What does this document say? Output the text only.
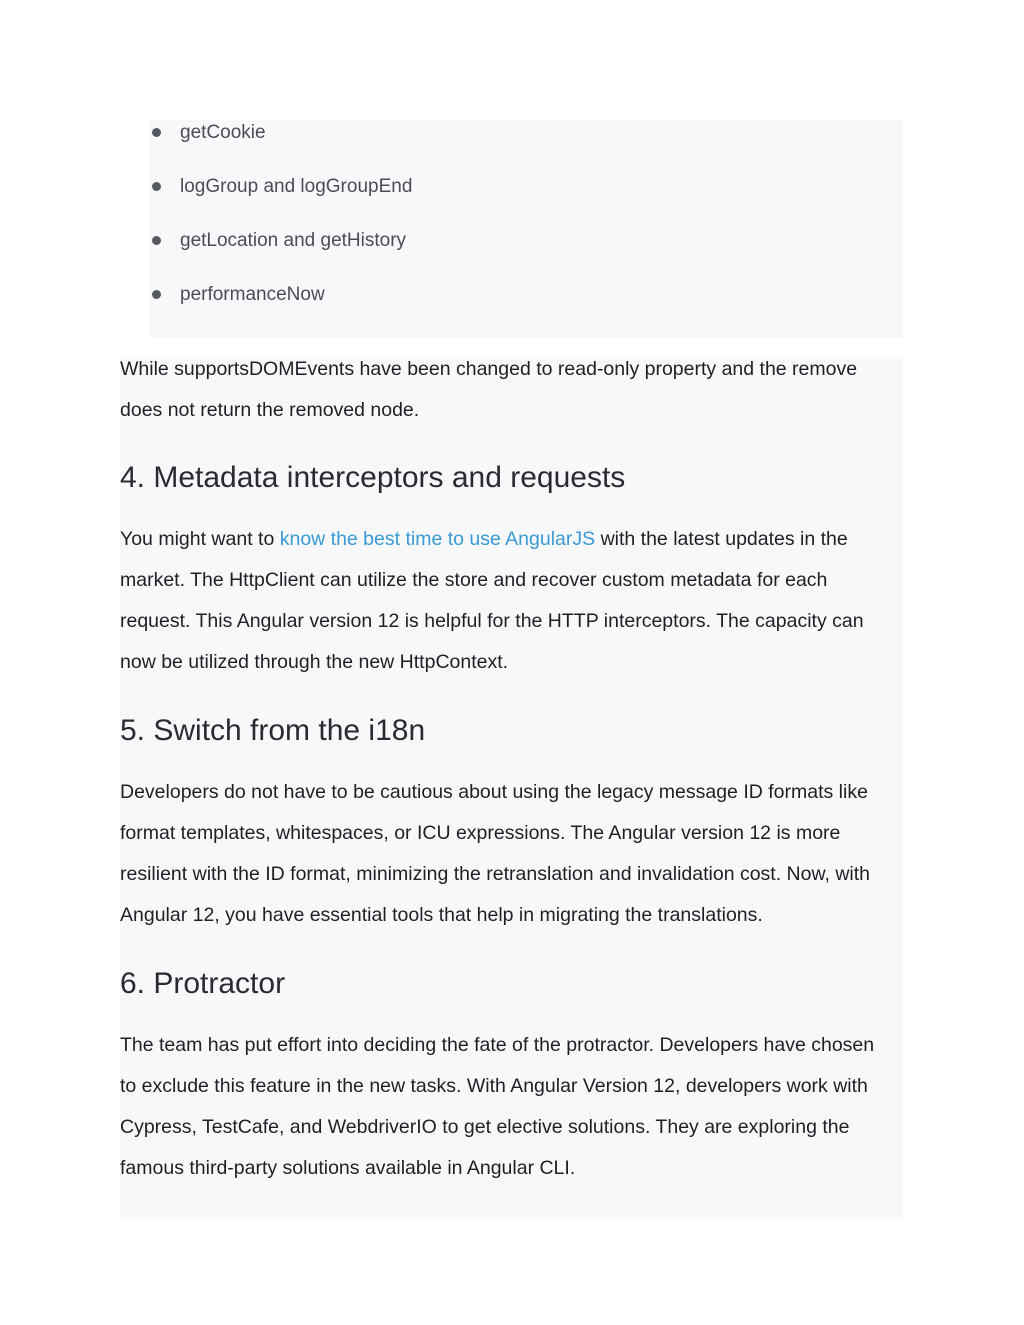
getCookie
logGroup and logGroupEnd
getLocation and getHistory
performanceNow

While supportsDOMEvents have been changed to read-only property and the remove
does not return the removed node.

4. Metadata interceptors and requests

You might want to know the best time to use AngularJS with the latest updates in the
market. The HttpClient can utilize the store and recover custom metadata for each
request. This Angular version 12 is helpful for the HTTP interceptors. The capacity can
now be utilized through the new HttpContext.

5. Switch from the i18n

Developers do not have to be cautious about using the legacy message ID formats like
format templates, whitespaces, or ICU expressions. The Angular version 12 is more
resilient with the ID format, minimizing the retranslation and invalidation cost. Now, with
Angular 12, you have essential tools that help in migrating the translations.

6. Protractor

The team has put effort into deciding the fate of the protractor. Developers have chosen
to exclude this feature in the new tasks. With Angular Version 12, developers work with
Cypress, TestCafe, and WebdriverIO to get elective solutions. They are exploring the
famous third-party solutions available in Angular CLI.
